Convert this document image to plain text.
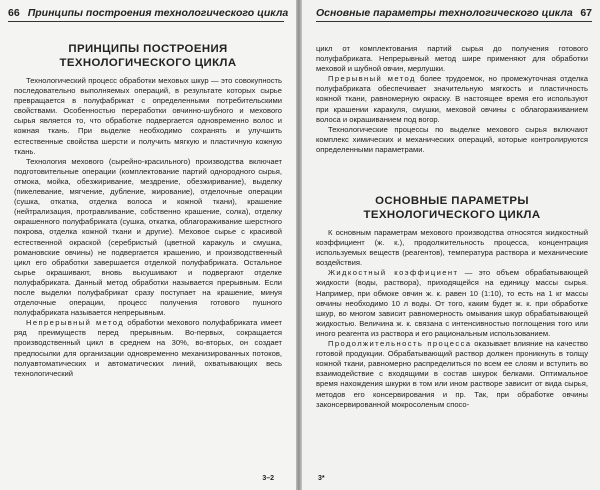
66 Принципы построения технологического цикла
ПРИНЦИПЫ ПОСТРОЕНИЯ
ТЕХНОЛОГИЧЕСКОГО ЦИКЛА

Технологический процесс обработки меховых шкур — это совокупность последовательно выполняемых операций, в результате которых сырье превращается в полуфабрикат с определенными потребительскими свойствами. Особенностью переработки овчинно-шубного и мехового сырья является то, что обработке подвергается одновременно волос и кожная ткань. При выделке необходимо сохранять и улучшить естественные свойства шерсти и получить мягкую и пластичную кожную ткань.

Технология мехового (сырейно-красильного) производства включает подготовительные операции (комплектование партий однородного сырья, отмока, мойка, обезжиривание, мездрение, обезжиривание), выделку (пикелевание, мягчение, дубление, жирование), отделочные операции (сушка, откатка, отделка волоса и кожной ткани), крашение (нейтрализация, протравливание, собственно крашение, солка), отделку окрашенного полуфабриката (сушка, откатка, облагораживание шерстного покрова, отделка кожной ткани и другие). Меховое сырье с красивой естественной окраской (серебристый (цветной каракуль и смушка, романовские овчины) не подвергается крашению, и производственный цикл его обработки завершается отделкой полуфабриката. Остальное сырье окрашивают, вновь высушивают и подвергают отделке полуфабриката. Данный метод обработки называется прерывным. Если после выделки полуфабрикат сразу поступает на крашение, минуя отделочные операции, процесс получения готового пушного полуфабриката называется непрерывным.

Непрерывный метод обработки мехового полуфабриката имеет ряд преимуществ перед прерывным. Во-первых, сокращается производственный цикл в среднем на 30%, во-вторых, он создает предпосылки для организации одновременно механизированных потоков, полуавтоматических и автоматических линий, охватывающих весь технологический

3–2
67
Основные параметры технологического цикла

цикл от комплектования партий сырья до получения готового полуфабриката. Непрерывный метод шире применяют для обработки меховой и шубной овчин, мерлушки.

Прерывный метод более трудоемок, но промежуточная отделка полуфабриката обеспечивает значительную мягкость и пластичность кожной ткани, равномерную окраску. В настоящее время его используют при крашении каракуля, смушки, меховой овчины с облагораживанием волоса и окрашиванием под вогор.

Технологические процессы по выделке мехового сырья включают комплекс химических и механических операций, которые контролируются определенными параметрами.

ОСНОВНЫЕ ПАРАМЕТРЫ
ТЕХНОЛОГИЧЕСКОГО ЦИКЛА

К основным параметрам мехового производства относятся жидкостный коэффициент (ж. к.), продолжительность процесса, концентрация используемых веществ (реагентов), температура раствора и механические воздействия.

Жидкостный коэффициент — это объем обрабатывающей жидкости (воды, раствора), приходящейся на единицу массы сырья. Например, при обмоке овчин ж. к. равен 10 (1:10), то есть на 1 кг массы овчины необходимо 10 л воды. От того, каким будет ж. к. при обработке шкур, во многом зависит равномерность омывания шкур обрабатывающей жидкостью. Величина ж. к. связана с интенсивностью поглощения того или иного реагента из раствора и его рациональным использованием.

Продолжительность процесса оказывает влияние на качество готовой продукции. Обрабатывающий раствор должен проникнуть в толщу кожной ткани, равномерно распределиться по всем ее слоям и вступить во взаимодействие с входящими в состав шкурок белками. Оптимальное время нахождения шкурки в том или ином растворе зависит от вида сырья, методов его консервирования и пр. Так, при обработке овчины законсервированной мокросоленым спосо-

3*
